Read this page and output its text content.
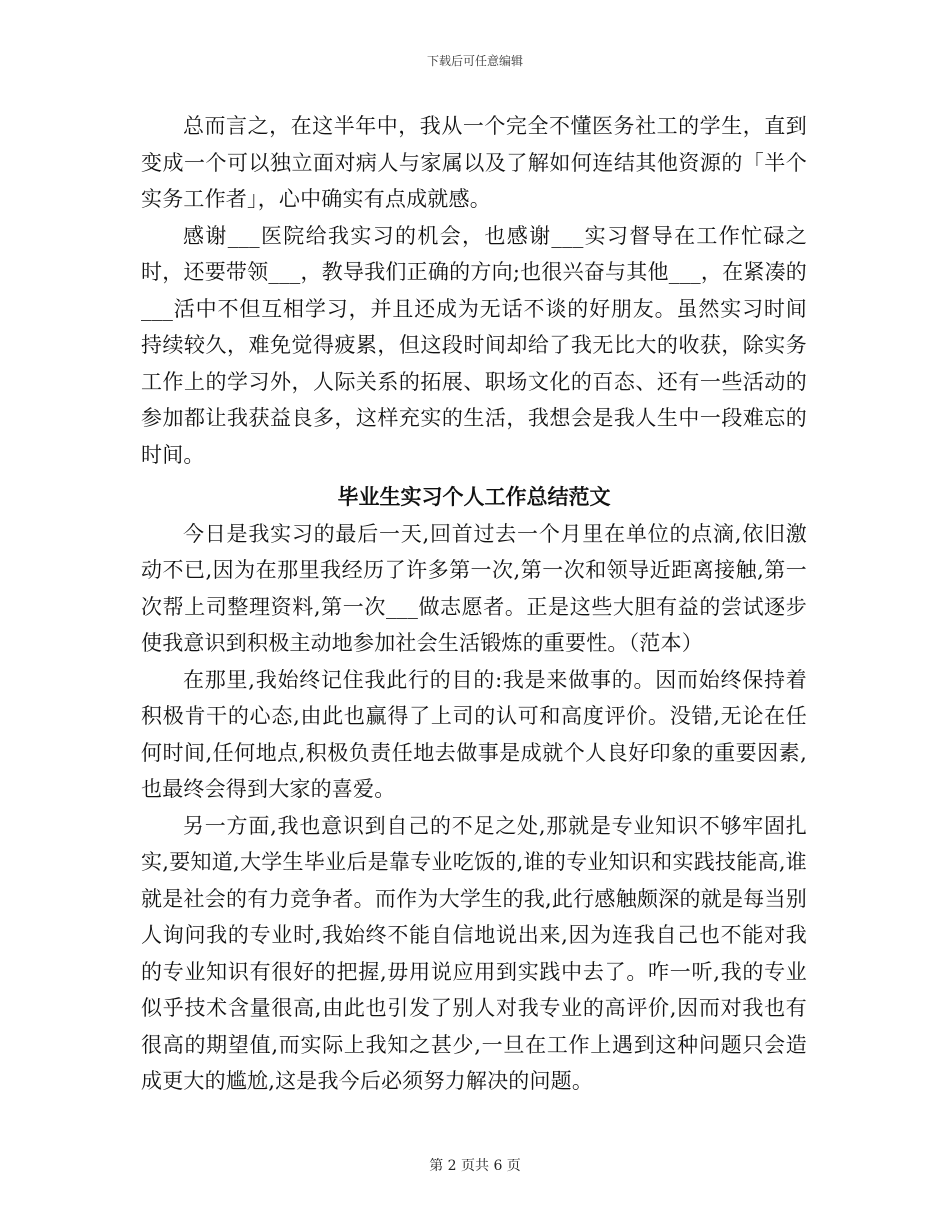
下载后可任意编辑

总而言之，在这半年中，我从一个完全不懂医务社工的学生，直到变成一个可以独立面对病人与家属以及了解如何连结其他资源的「半个实务工作者」，心中确实有点成就感。

感谢___医院给我实习的机会，也感谢___实习督导在工作忙碌之时，还要带领___，教导我们正确的方向;也很兴奋与其他___，在紧凑的___活中不但互相学习，并且还成为无话不谈的好朋友。虽然实习时间持续较久，难免觉得疲累，但这段时间却给了我无比大的收获，除实务工作上的学习外，人际关系的拓展、职场文化的百态、还有一些活动的参加都让我获益良多，这样充实的生活，我想会是我人生中一段难忘的时间。

毕业生实习个人工作总结范文

今日是我实习的最后一天,回首过去一个月里在单位的点滴,依旧激动不已,因为在那里我经历了许多第一次,第一次和领导近距离接触,第一次帮上司整理资料,第一次___做志愿者。正是这些大胆有益的尝试逐步使我意识到积极主动地参加社会生活锻炼的重要性。（范本）

在那里,我始终记住我此行的目的:我是来做事的。因而始终保持着积极肯干的心态,由此也赢得了上司的认可和高度评价。没错,无论在任何时间,任何地点,积极负责任地去做事是成就个人良好印象的重要因素,也最终会得到大家的喜爱。

另一方面,我也意识到自己的不足之处,那就是专业知识不够牢固扎实,要知道,大学生毕业后是靠专业吃饭的,谁的专业知识和实践技能高,谁就是社会的有力竞争者。而作为大学生的我,此行感触颇深的就是每当别人询问我的专业时,我始终不能自信地说出来,因为连我自己也不能对我的专业知识有很好的把握,毋用说应用到实践中去了。咋一听,我的专业似乎技术含量很高,由此也引发了别人对我专业的高评价,因而对我也有很高的期望值,而实际上我知之甚少,一旦在工作上遇到这种问题只会造成更大的尴尬,这是我今后必须努力解决的问题。

第 2 页共 6 页
